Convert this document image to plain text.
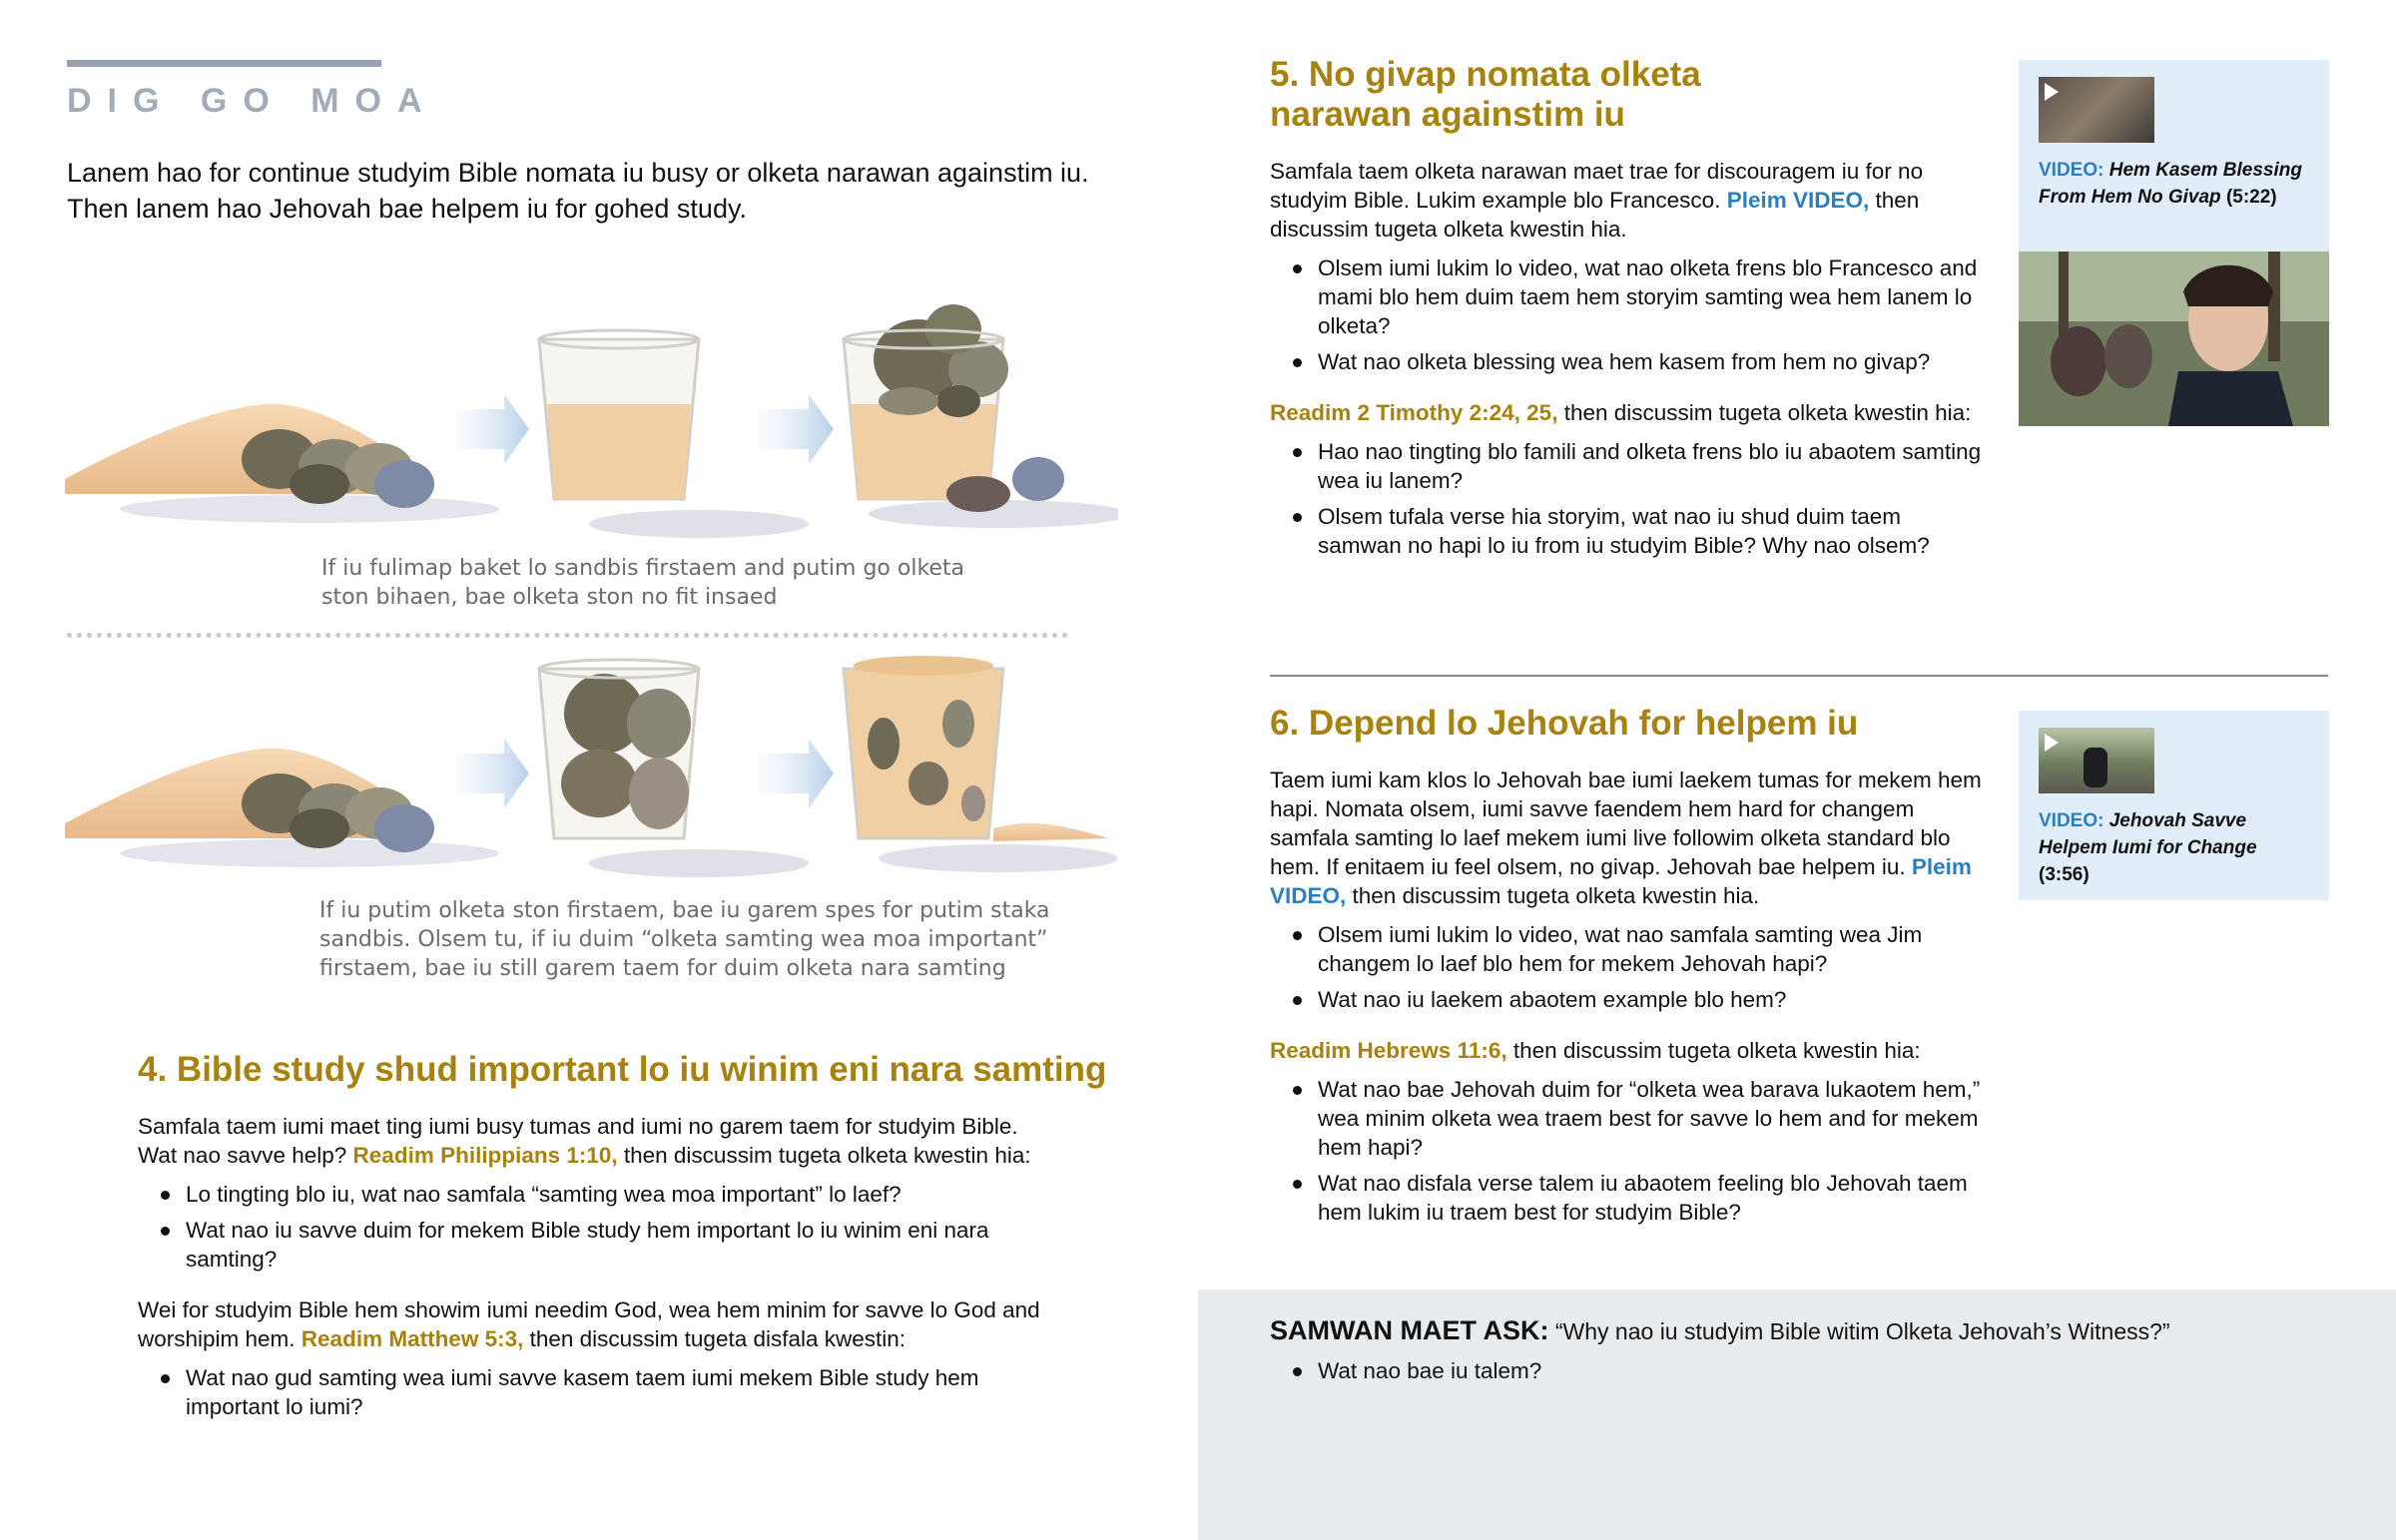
DIG GO MOA
Lanem hao for continue studyim Bible nomata iu busy or olketa narawan againstim iu. Then lanem hao Jehovah bae helpem iu for gohed study.
If iu fulimap baket lo sandbis firstaem and putim go olketa
ston bihaen, bae olketa ston no fit insaed
If iu putim olketa ston firstaem, bae iu garem spes for putim staka
sandbis. Olsem tu, if iu duim “olketa samting wea moa important”
firstaem, bae iu still garem taem for duim olketa nara samting
4. Bible study shud important lo iu winim eni nara samting

Samfala taem iumi maet ting iumi busy tumas and iumi no garem taem for studyim Bible. Wat nao savve help? Readim Philippians 1:10, then discussim tugeta olketa kwestin hia:

Lo tingting blo iu, wat nao samfala “samting wea moa important” lo laef?
Wat nao iu savve duim for mekem Bible study hem important lo iu winim eni nara samting?

Wei for studyim Bible hem showim iumi needim God, wea hem minim for savve lo God and worshipim hem. Readim Matthew 5:3, then discussim tugeta disfala kwestin:

Wat nao gud samting wea iumi savve kasem taem iumi mekem Bible study hem important lo iumi?
5. No givap nomata olketa
narawan againstim iu

Samfala taem olketa narawan maet trae for discouragem iu for no studyim Bible. Lukim example blo Francesco. Pleim VIDEO, then discussim tugeta olketa kwestin hia.

Olsem iumi lukim lo video, wat nao olketa frens blo Francesco and mami blo hem duim taem hem storyim samting wea hem lanem lo olketa?
Wat nao olketa blessing wea hem kasem from hem no givap?

Readim 2 Timothy 2:24, 25, then discussim tugeta olketa kwestin hia:

Hao nao tingting blo famili and olketa frens blo iu abaotem samting wea iu lanem?
Olsem tufala verse hia storyim, wat nao iu shud duim taem samwan no hapi lo iu from iu studyim Bible? Why nao olsem?
VIDEO: Hem Kasem Blessing From Hem No Givap (5:22)
6. Depend lo Jehovah for helpem iu

Taem iumi kam klos lo Jehovah bae iumi laekem tumas for mekem hem hapi. Nomata olsem, iumi savve faendem hem hard for changem samfala samting lo laef mekem iumi live followim olketa standard blo hem. If enitaem iu feel olsem, no givap. Jehovah bae helpem iu. Pleim VIDEO, then discussim tugeta olketa kwestin hia.

Olsem iumi lukim lo video, wat nao samfala samting wea Jim changem lo laef blo hem for mekem Jehovah hapi?
Wat nao iu laekem abaotem example blo hem?

Readim Hebrews 11:6, then discussim tugeta olketa kwestin hia:

Wat nao bae Jehovah duim for “olketa wea barava lukaotem hem,” wea minim olketa wea traem best for savve lo hem and for mekem hem hapi?
Wat nao disfala verse talem iu abaotem feeling blo Jehovah taem hem lukim iu traem best for studyim Bible?
VIDEO: Jehovah Savve Helpem Iumi for Change (3:56)

SAMWAN MAET ASK: “Why nao iu studyim Bible witim Olketa Jehovah’s Witness?”

Wat nao bae iu talem?
